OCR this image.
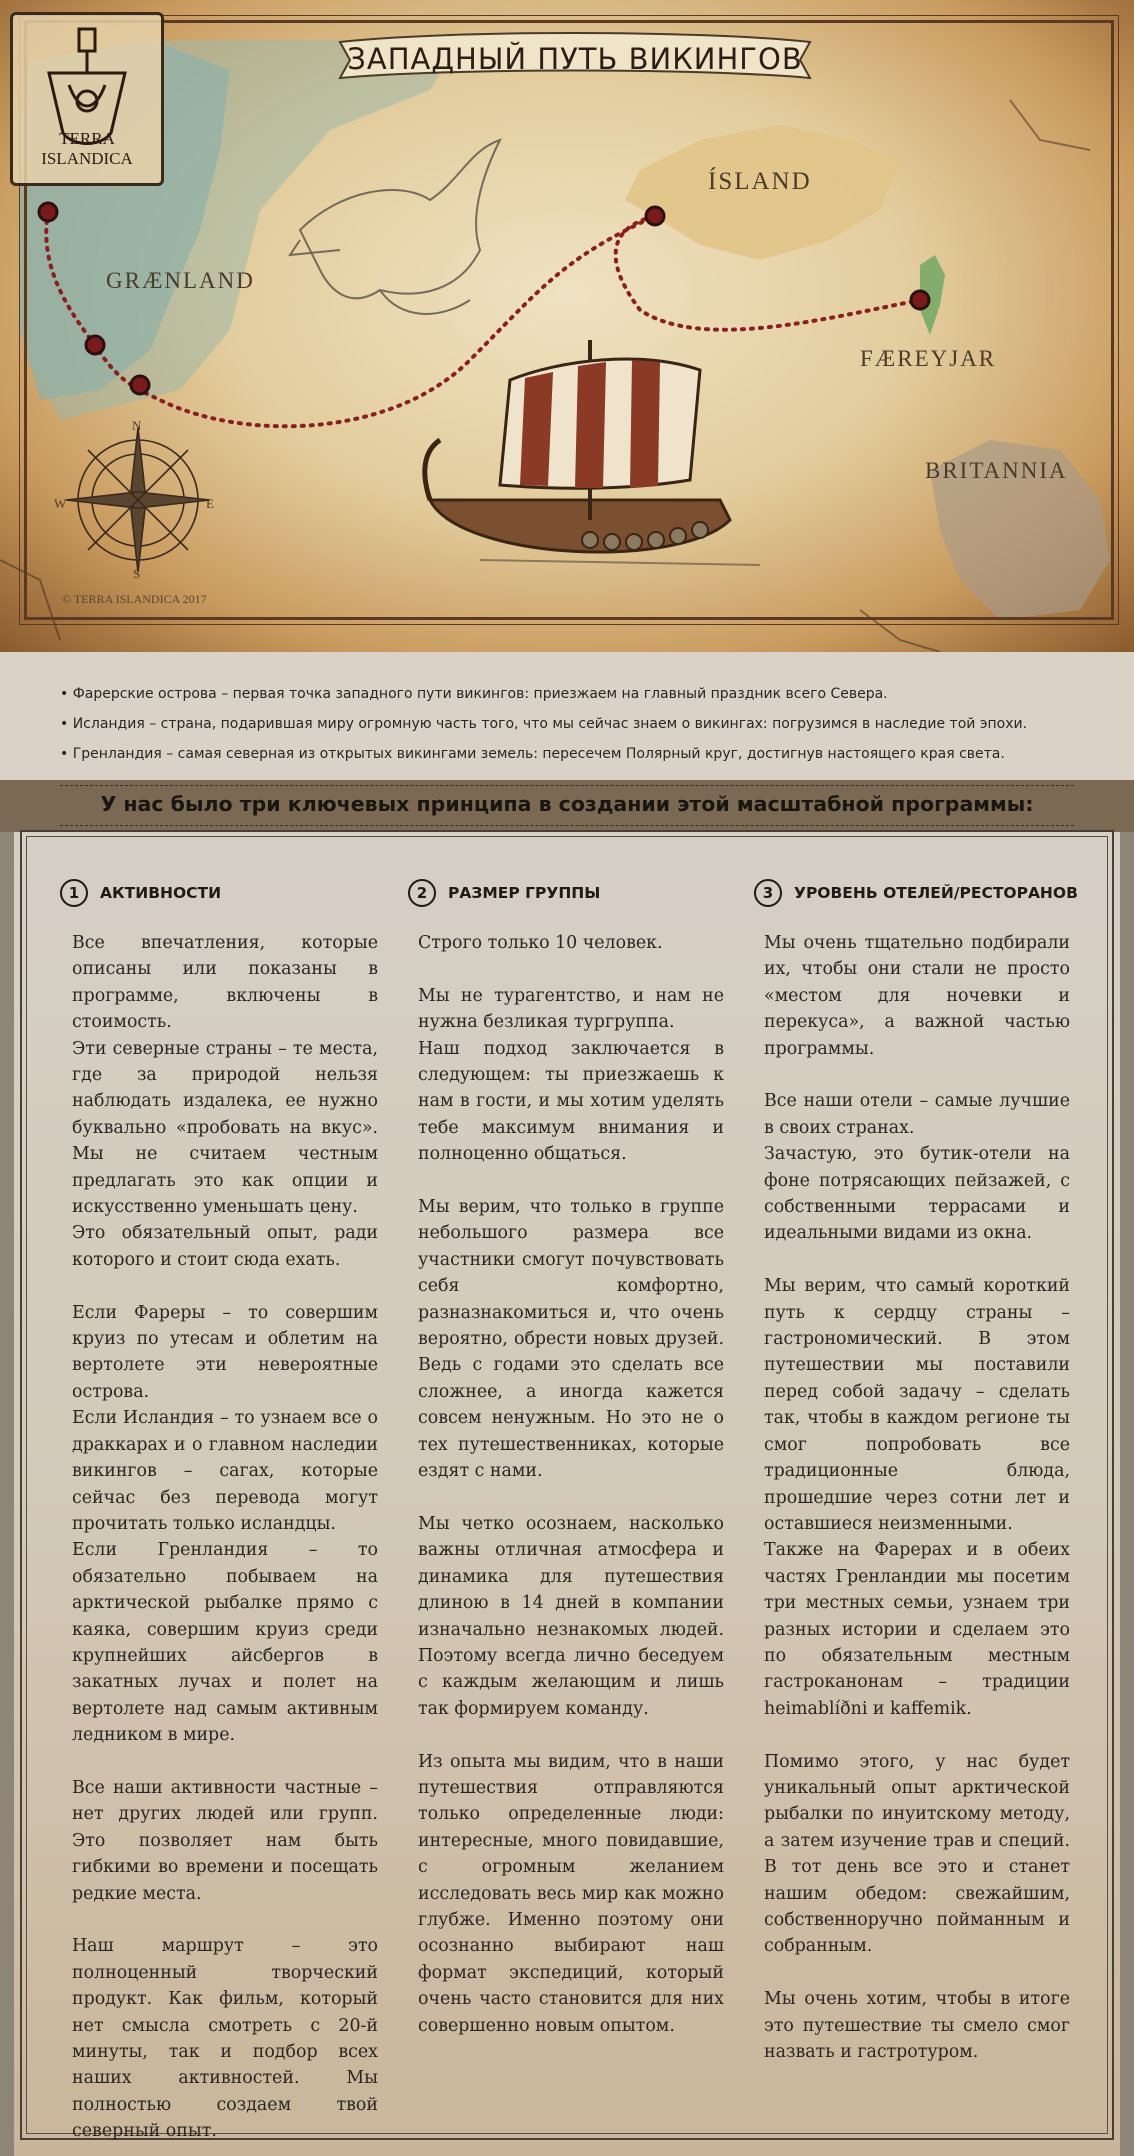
TERRA ISLANDICA
ЗАПАДНЫЙ ПУТЬ ВИКИНГОВ
GRÆNLAND
ÍSLAND
FÆREYJAR
BRITANNIA
N
E
W
S
© TERRA ISLANDICA 2017
• Фарерские острова – первая точка западного пути викингов: приезжаем на главный праздник всего Севера.
• Исландия – страна, подарившая миру огромную часть того, что мы сейчас знаем о викингах: погрузимся в наследие той эпохи.
• Гренландия – самая северная из открытых викингами земель: пересечем Полярный круг, достигнув настоящего края света.
У нас было три ключевых принципа в создании этой масштабной программы:
1	АКТИВНОСТИ

Все впечатления, которые описаны или показаны в программе, включены в стоимость.

Эти северные страны – те места, где за природой нельзя наблюдать издалека, ее нужно буквально «пробовать на вкус». Мы не считаем честным предлагать это как опции и искусственно уменьшать цену.

Это обязательный опыт, ради которого и стоит сюда ехать.

Если Фареры – то совершим круиз по утесам и облетим на вертолете эти невероятные острова.

Если Исландия – то узнаем все о драккарах и о главном наследии викингов – сагах, которые сейчас без перевода могут прочитать только исландцы.

Если Гренландия – то обязательно побываем на арктической рыбалке прямо с каяка, совершим круиз среди крупнейших айсбергов в закатных лучах и полет на вертолете над самым активным ледником в мире.

Все наши активности частные – нет других людей или групп. Это позволяет нам быть гибкими во времени и посещать редкие места.

Наш маршрут – это полноценный творческий продукт. Как фильм, который нет смысла смотреть с 20-й минуты, так и подбор всех наших активностей. Мы полностью создаем твой северный опыт.

2	РАЗМЕР ГРУППЫ

Строго только 10 человек.

Мы не турагентство, и нам не нужна безликая тургруппа.

Наш подход заключается в следующем: ты приезжаешь к нам в гости, и мы хотим уделять тебе максимум внимания и полноценно общаться.

Мы верим, что только в группе небольшого размера все участники смогут почувствовать себя комфортно, разназнакомиться и, что очень вероятно, обрести новых друзей. Ведь с годами это сделать все сложнее, а иногда кажется совсем ненужным. Но это не о тех путешественниках, которые ездят с нами.

Мы четко осознаем, насколько важны отличная атмосфера и динамика для путешествия длиною в 14 дней в компании изначально незнакомых людей. Поэтому всегда лично беседуем с каждым желающим и лишь так формируем команду.

Из опыта мы видим, что в наши путешествия отправляются только определенные люди: интересные, много повидавшие, с огромным желанием исследовать весь мир как можно глубже. Именно поэтому они осознанно выбирают наш формат экспедиций, который очень часто становится для них совершенно новым опытом.

3	УРОВЕНЬ ОТЕЛЕЙ/РЕСТОРАНОВ

Мы очень тщательно подбирали их, чтобы они стали не просто «местом для ночевки и перекуса», а важной частью программы.

Все наши отели – самые лучшие в своих странах.

Зачастую, это бутик-отели на фоне потрясающих пейзажей, с собственными террасами и идеальными видами из окна.

Мы верим, что самый короткий путь к сердцу страны – гастрономический. В этом путешествии мы поставили перед собой задачу – сделать так, чтобы в каждом регионе ты смог попробовать все традиционные блюда, прошедшие через сотни лет и оставшиеся неизменными.

Также на Фарерах и в обеих частях Гренландии мы посетим три местных семьи, узнаем три разных истории и сделаем это по обязательным местным гастроканонам – традиции heimablíðni и kaffemik.

Помимо этого, у нас будет уникальный опыт арктической рыбалки по инуитскому методу, а затем изучение трав и специй. В тот день все это и станет нашим обедом: свежайшим, собственноручно пойманным и собранным.

Мы очень хотим, чтобы в итоге это путешествие ты смело смог назвать и гастротуром.
